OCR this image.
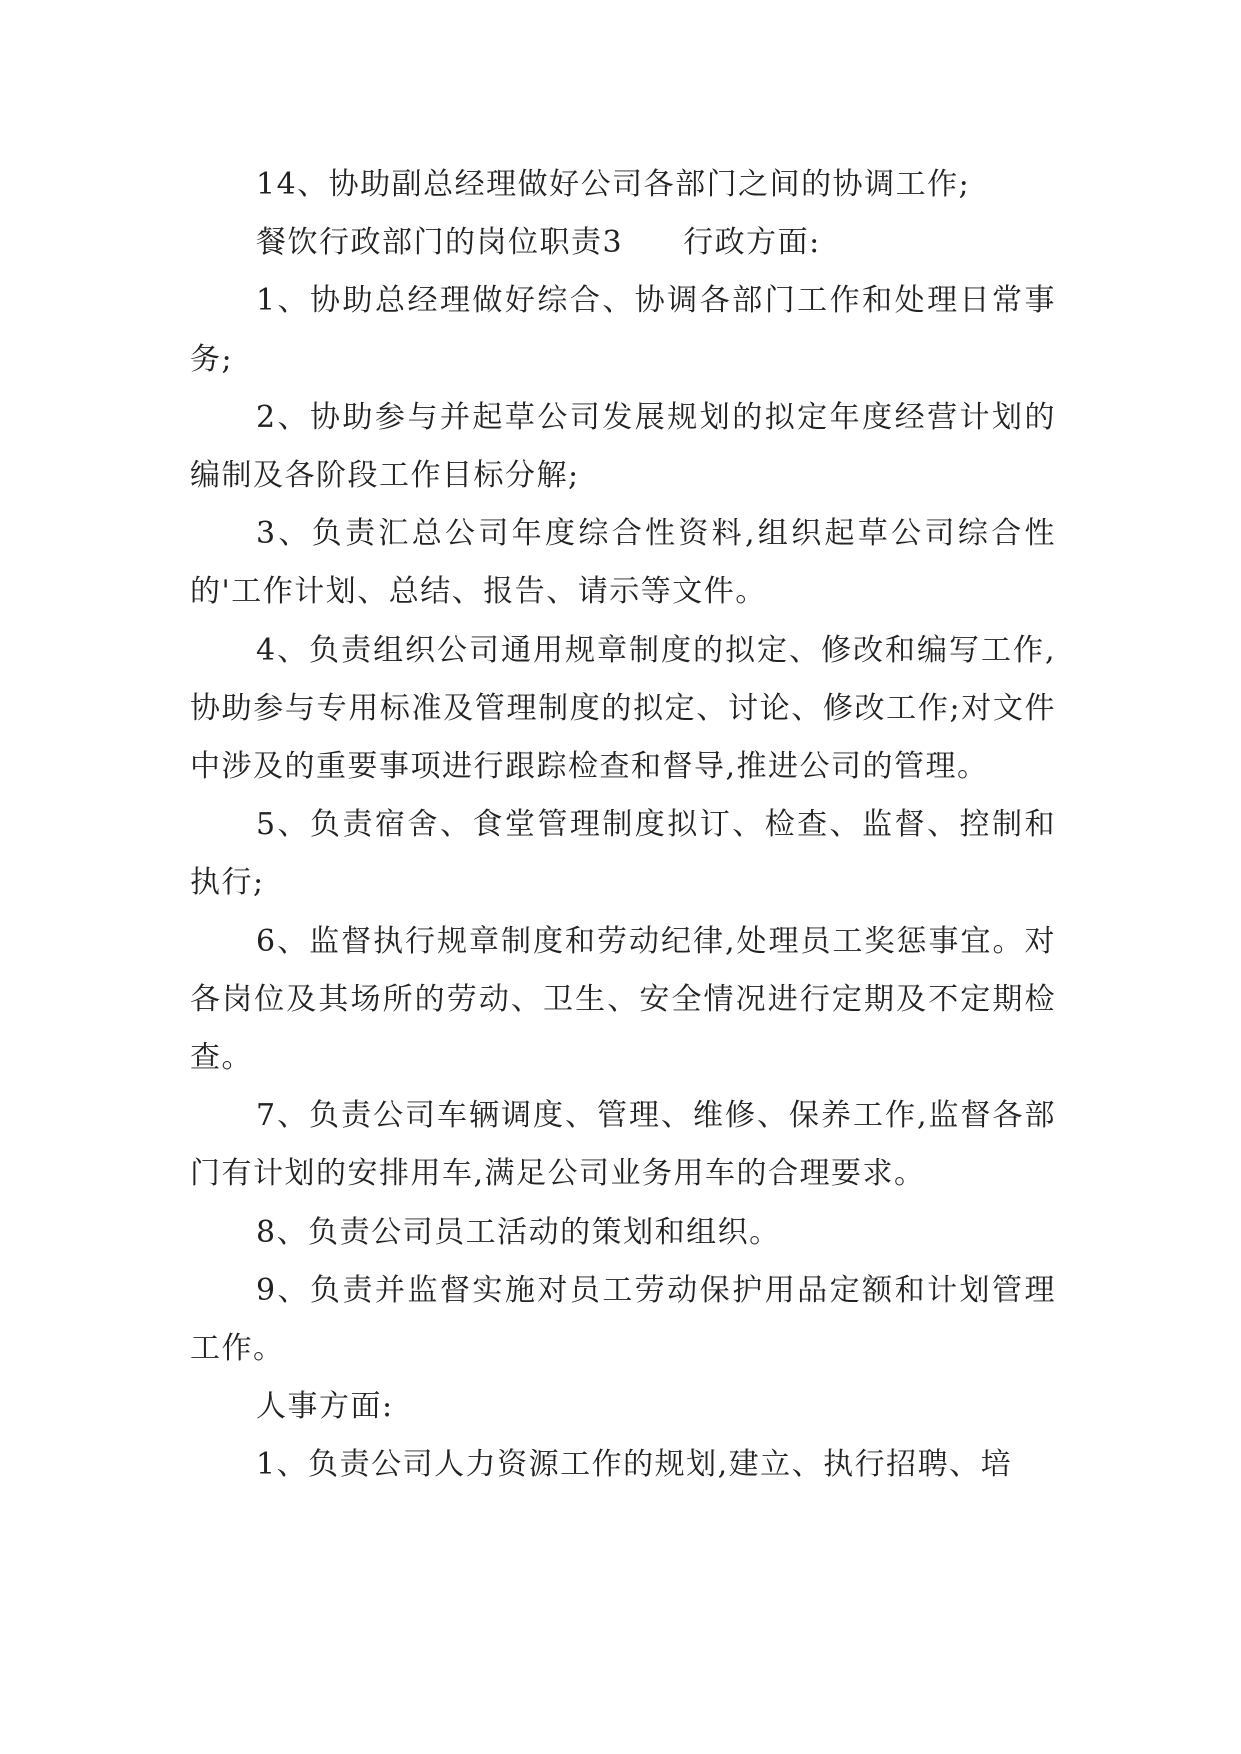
14、协助副总经理做好公司各部门之间的协调工作;

餐饮行政部门的岗位职责3 行政方面:

1、协助总经理做好综合、协调各部门工作和处理日常事务;

2、协助参与并起草公司发展规划的拟定年度经营计划的编制及各阶段工作目标分解;

3、负责汇总公司年度综合性资料,组织起草公司综合性的'工作计划、总结、报告、请示等文件。

4、负责组织公司通用规章制度的拟定、修改和编写工作,协助参与专用标准及管理制度的拟定、讨论、修改工作;对文件中涉及的重要事项进行跟踪检查和督导,推进公司的管理。

5、负责宿舍、食堂管理制度拟订、检查、监督、控制和执行;

6、监督执行规章制度和劳动纪律,处理员工奖惩事宜。对各岗位及其场所的劳动、卫生、安全情况进行定期及不定期检查。

7、负责公司车辆调度、管理、维修、保养工作,监督各部门有计划的安排用车,满足公司业务用车的合理要求。

8、负责公司员工活动的策划和组织。

9、负责并监督实施对员工劳动保护用品定额和计划管理工作。

人事方面:

1、负责公司人力资源工作的规划,建立、执行招聘、培
